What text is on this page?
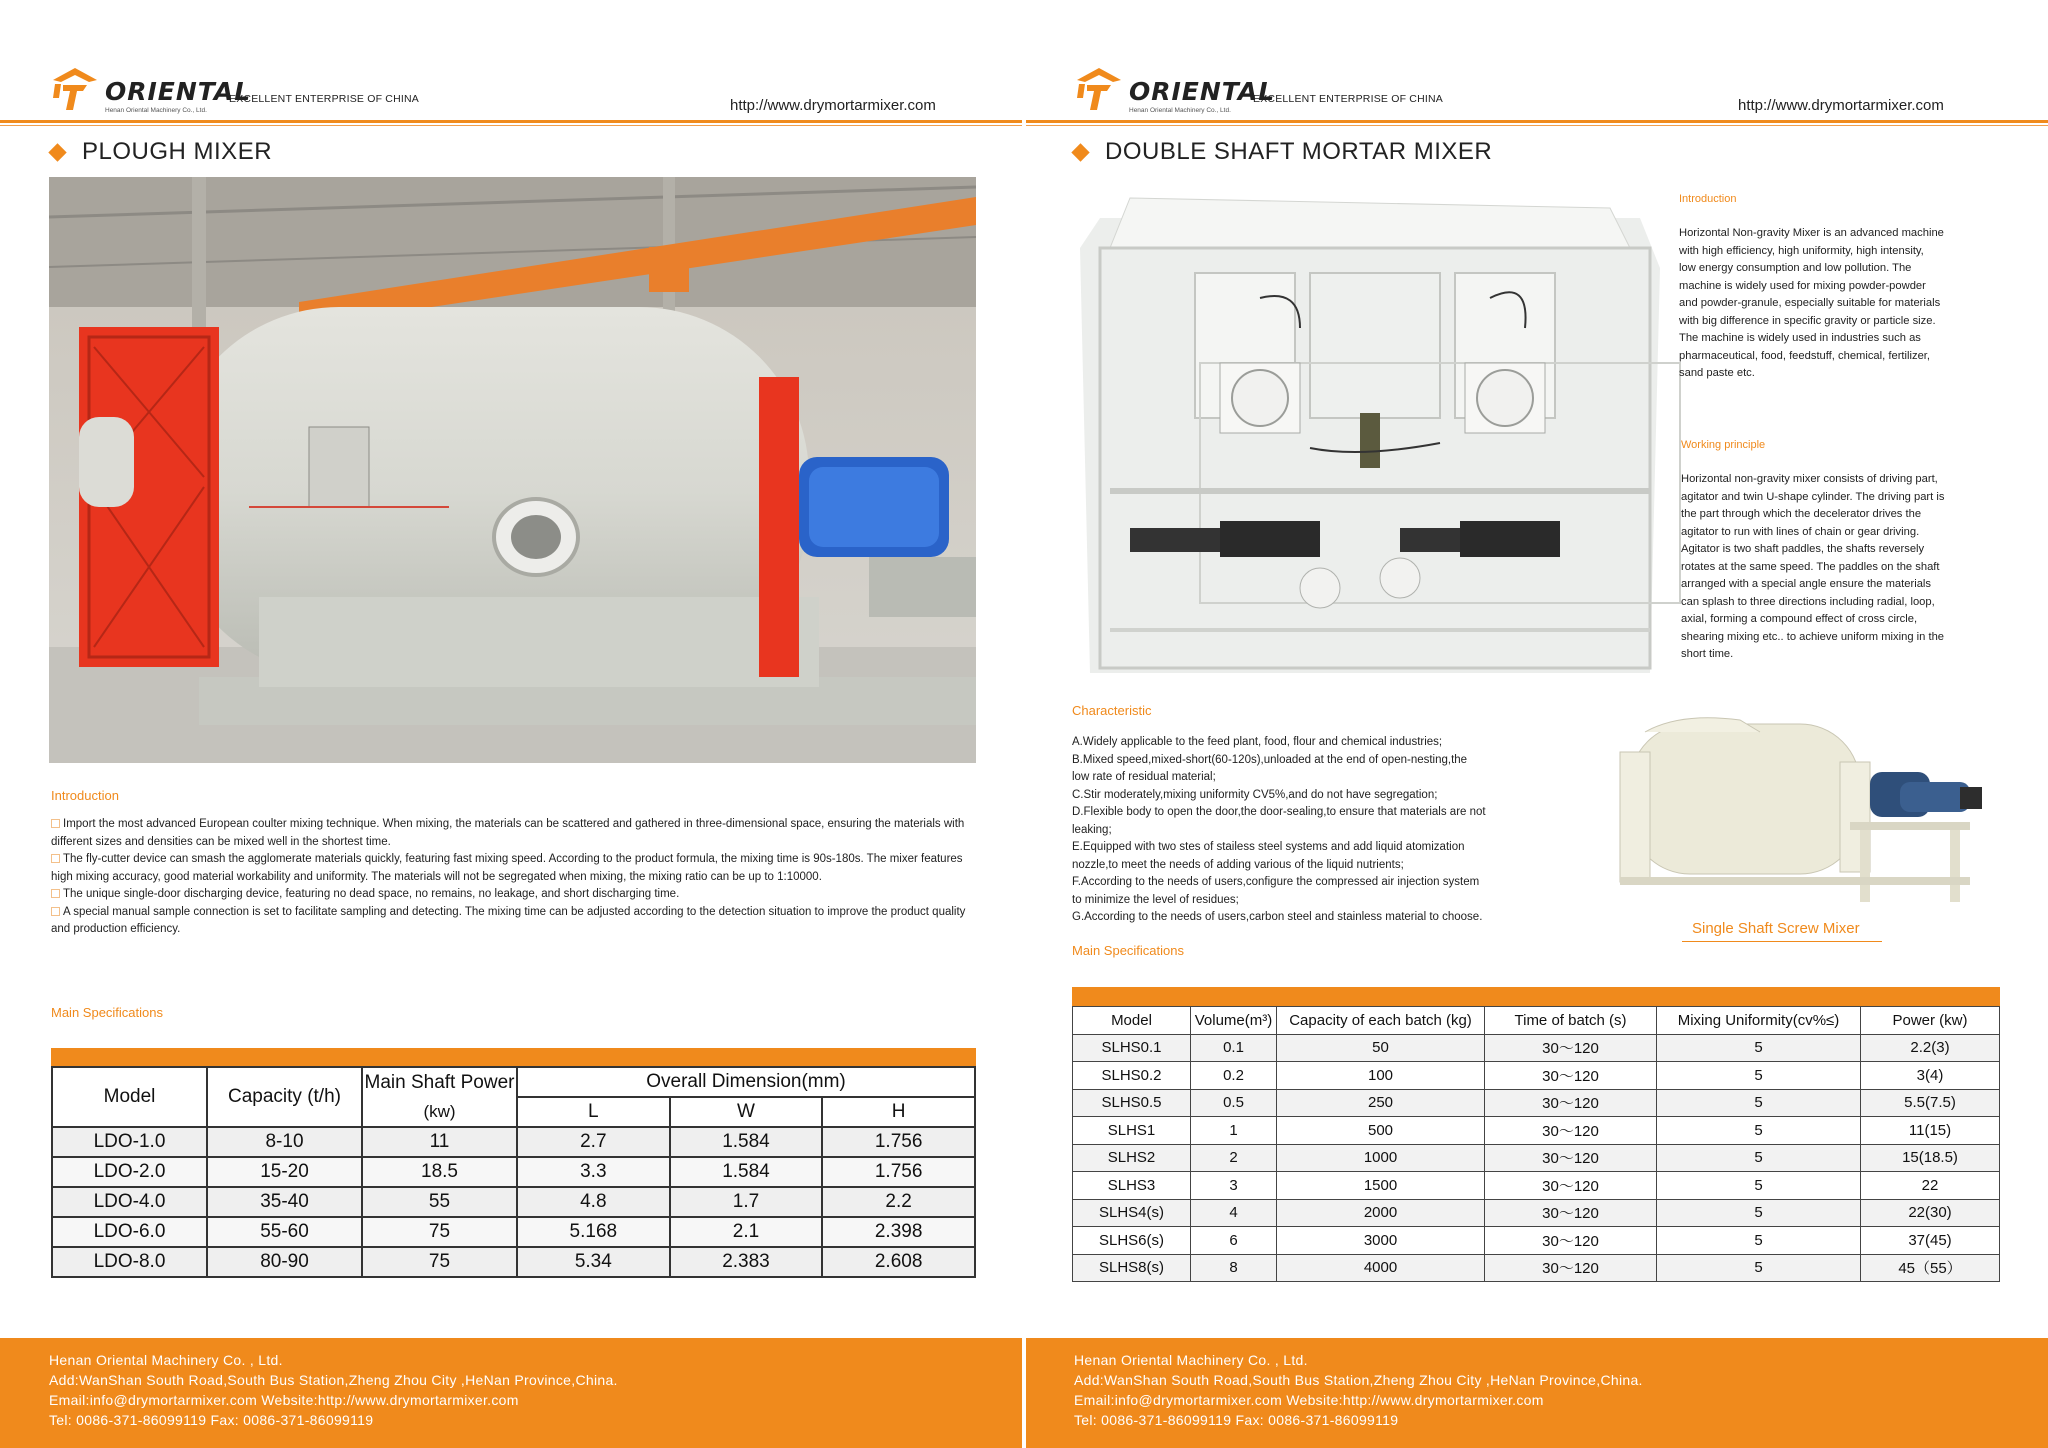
ORIENTAL
Henan Oriental Machinery Co., Ltd.
EXCELLENT ENTERPRISE OF CHINA	http://www.drymortarmixer.com
PLOUGH MIXER
Introduction

Import the most advanced European coulter mixing technique. When mixing, the materials can be scattered and gathered in three-dimensional space, ensuring the materials with different sizes and densities can be mixed well in the shortest time.

The fly-cutter device can smash the agglomerate materials quickly, featuring fast mixing speed. According to the product formula, the mixing time is 90s-180s. The mixer features high mixing accuracy, good material workability and uniformity. The materials will not be segregated when mixing, the mixing ratio can be up to 1:10000.

The unique single-door discharging device, featuring no dead space, no remains, no leakage, and short discharging time.

A special manual sample connection is set to facilitate sampling and detecting. The mixing time can be adjusted according to the detection situation to improve the product quality and production efficiency.

Main Specifications
Model	Capacity (t/h)	Main Shaft Power	Overall Dimension(mm)		
		(kw)	L	W	H
LDO-1.0	8-10	11	2.7	1.584	1.756
LDO-2.0	15-20	18.5	3.3	1.584	1.756
LDO-4.0	35-40	55	4.8	1.7	2.2
LDO-6.0	55-60	75	5.168	2.1	2.398
LDO-8.0	80-90	75	5.34	2.383	2.608
Henan Oriental Machinery Co. , Ltd.
Add:WanShan South Road,South Bus Station,Zheng Zhou City ,HeNan Province,China.
Email:info@drymortarmixer.com Website:http://www.drymortarmixer.com
Tel: 0086-371-86099119 Fax: 0086-371-86099119
ORIENTAL
Henan Oriental Machinery Co., Ltd.
EXCELLENT ENTERPRISE OF CHINA	http://www.drymortarmixer.com
DOUBLE SHAFT MORTAR MIXER
Introduction
Horizontal Non-gravity Mixer is an advanced machine
with high efficiency, high uniformity, high intensity,
low energy consumption and low pollution. The
machine is widely used for mixing powder-powder
and powder-granule, especially suitable for materials
with big difference in specific gravity or particle size.
The machine is widely used in industries such as
pharmaceutical, food, feedstuff, chemical, fertilizer,
sand paste etc.
Working principle
Horizontal non-gravity mixer consists of driving part,
agitator and twin U-shape cylinder. The driving part is
the part through which the decelerator drives the
agitator to run with lines of chain or gear driving.
Agitator is two shaft paddles, the shafts reversely
rotates at the same speed. The paddles on the shaft
arranged with a special angle ensure the materials
can splash to three directions including radial, loop,
axial, forming a compound effect of cross circle,
shearing mixing etc.. to achieve uniform mixing in the
short time.
Characteristic
A.Widely applicable to the feed plant, food, flour and chemical industries;
B.Mixed speed,mixed-short(60-120s),unloaded at the end of open-nesting,the
low rate of residual material;
C.Stir moderately,mixing uniformity CV5%,and do not have segregation;
D.Flexible body to open the door,the door-sealing,to ensure that materials are not
leaking;
E.Equipped with two stes of stailess steel systems and add liquid atomization
nozzle,to meet the needs of adding various of the liquid nutrients;
F.According to the needs of users,configure the compressed air injection system
to minimize the level of residues;
G.According to the needs of users,carbon steel and stainless material to choose.
Single Shaft Screw Mixer
Main Specifications
Model	Volume(m³)	Capacity of each batch (kg)	Time of batch (s)	Mixing Uniformity(cv%≤)	Power (kw)
SLHS0.1	0.1	50	30～120	5	2.2(3)
SLHS0.2	0.2	100	30～120	5	3(4)
SLHS0.5	0.5	250	30～120	5	5.5(7.5)
SLHS1	1	500	30～120	5	11(15)
SLHS2	2	1000	30～120	5	15(18.5)
SLHS3	3	1500	30～120	5	22
SLHS4(s)	4	2000	30～120	5	22(30)
SLHS6(s)	6	3000	30～120	5	37(45)
SLHS8(s)	8	4000	30～120	5	45（55）
Henan Oriental Machinery Co. , Ltd.
Add:WanShan South Road,South Bus Station,Zheng Zhou City ,HeNan Province,China.
Email:info@drymortarmixer.com Website:http://www.drymortarmixer.com
Tel: 0086-371-86099119 Fax: 0086-371-86099119
